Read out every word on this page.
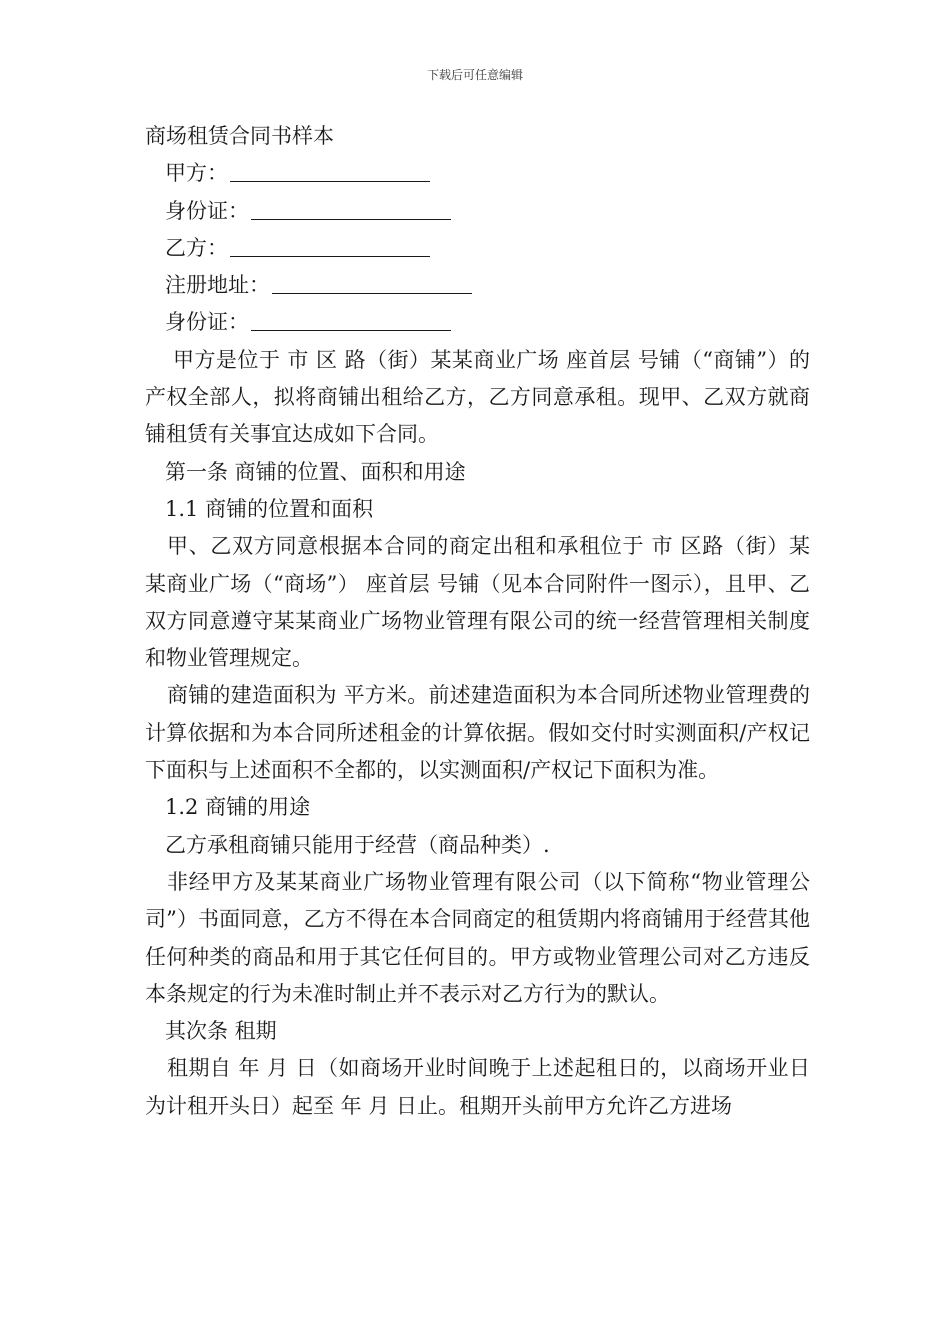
下载后可任意编辑
商场租赁合同书样本
甲方：
身份证：
乙方：
注册地址：
身份证：

甲方是位于 市 区 路（街）某某商业广场 座首层 号铺（“商铺”）的产权全部人，拟将商铺出租给乙方，乙方同意承租。现甲、乙双方就商铺租赁有关事宜达成如下合同。

第一条 商铺的位置、面积和用途
1.1 商铺的位置和面积

甲、乙双方同意根据本合同的商定出租和承租位于 市 区路（街）某某商业广场（“商场”） 座首层 号铺（见本合同附件一图示），且甲、乙双方同意遵守某某商业广场物业管理有限公司的统一经营管理相关制度和物业管理规定。

商铺的建造面积为 平方米。前述建造面积为本合同所述物业管理费的计算依据和为本合同所述租金的计算依据。假如交付时实测面积/产权记下面积与上述面积不全都的，以实测面积/产权记下面积为准。

1.2 商铺的用途
乙方承租商铺只能用于经营（商品种类）.

非经甲方及某某商业广场物业管理有限公司（以下简称“物业管理公司”）书面同意，乙方不得在本合同商定的租赁期内将商铺用于经营其他任何种类的商品和用于其它任何目的。甲方或物业管理公司对乙方违反本条规定的行为未准时制止并不表示对乙方行为的默认。

其次条 租期

租期自 年 月 日（如商场开业时间晚于上述起租日的，以商场开业日为计租开头日）起至 年 月 日止。租期开头前甲方允许乙方进场
